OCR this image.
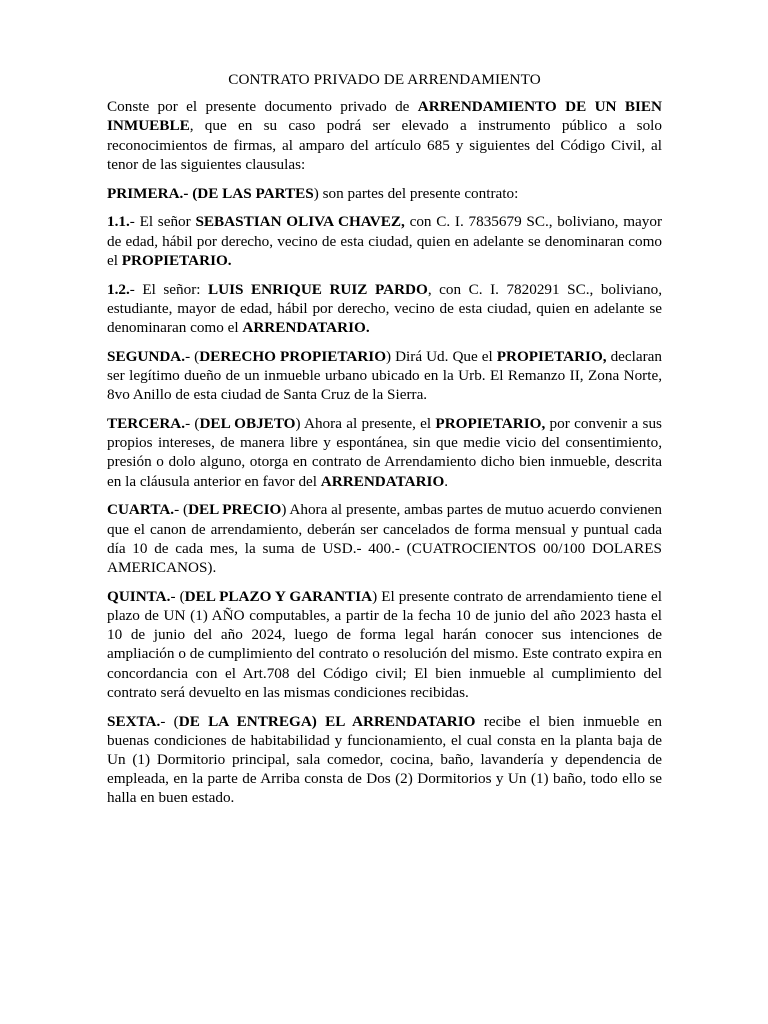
CONTRATO PRIVADO DE ARRENDAMIENTO

Conste por el presente documento privado de ARRENDAMIENTO DE UN BIEN INMUEBLE, que en su caso podrá ser elevado a instrumento público a solo reconocimientos de firmas, al amparo del artículo 685 y siguientes del Código Civil, al tenor de las siguientes clausulas:

PRIMERA.- (DE LAS PARTES) son partes del presente contrato:

1.1.- El señor SEBASTIAN OLIVA CHAVEZ, con C. I. 7835679 SC., boliviano, mayor de edad, hábil por derecho, vecino de esta ciudad, quien en adelante se denominaran como el PROPIETARIO.

1.2.- El señor: LUIS ENRIQUE RUIZ PARDO, con C. I. 7820291 SC., boliviano, estudiante, mayor de edad, hábil por derecho, vecino de esta ciudad, quien en adelante se denominaran como el ARRENDATARIO.

SEGUNDA.- (DERECHO PROPIETARIO) Dirá Ud. Que el PROPIETARIO, declaran ser legítimo dueño de un inmueble urbano ubicado en la Urb. El Remanzo II, Zona Norte, 8vo Anillo de esta ciudad de Santa Cruz de la Sierra.

TERCERA.- (DEL OBJETO) Ahora al presente, el PROPIETARIO, por convenir a sus propios intereses, de manera libre y espontánea, sin que medie vicio del consentimiento, presión o dolo alguno, otorga en contrato de Arrendamiento dicho bien inmueble, descrita en la cláusula anterior en favor del ARRENDATARIO.

CUARTA.- (DEL PRECIO) Ahora al presente, ambas partes de mutuo acuerdo convienen que el canon de arrendamiento, deberán ser cancelados de forma mensual y puntual cada día 10 de cada mes, la suma de USD.- 400.- (CUATROCIENTOS 00/100 DOLARES AMERICANOS).

QUINTA.- (DEL PLAZO Y GARANTIA) El presente contrato de arrendamiento tiene el plazo de UN (1) AÑO computables, a partir de la fecha 10 de junio del año 2023 hasta el 10 de junio del año 2024, luego de forma legal harán conocer sus intenciones de ampliación o de cumplimiento del contrato o resolución del mismo. Este contrato expira en concordancia con el Art.708 del Código civil; El bien inmueble al cumplimiento del contrato será devuelto en las mismas condiciones recibidas.

SEXTA.- (DE LA ENTREGA) EL ARRENDATARIO recibe el bien inmueble en buenas condiciones de habitabilidad y funcionamiento, el cual consta en la planta baja de Un (1) Dormitorio principal, sala comedor, cocina, baño, lavandería y dependencia de empleada, en la parte de Arriba consta de Dos (2) Dormitorios y Un (1) baño, todo ello se halla en buen estado.
